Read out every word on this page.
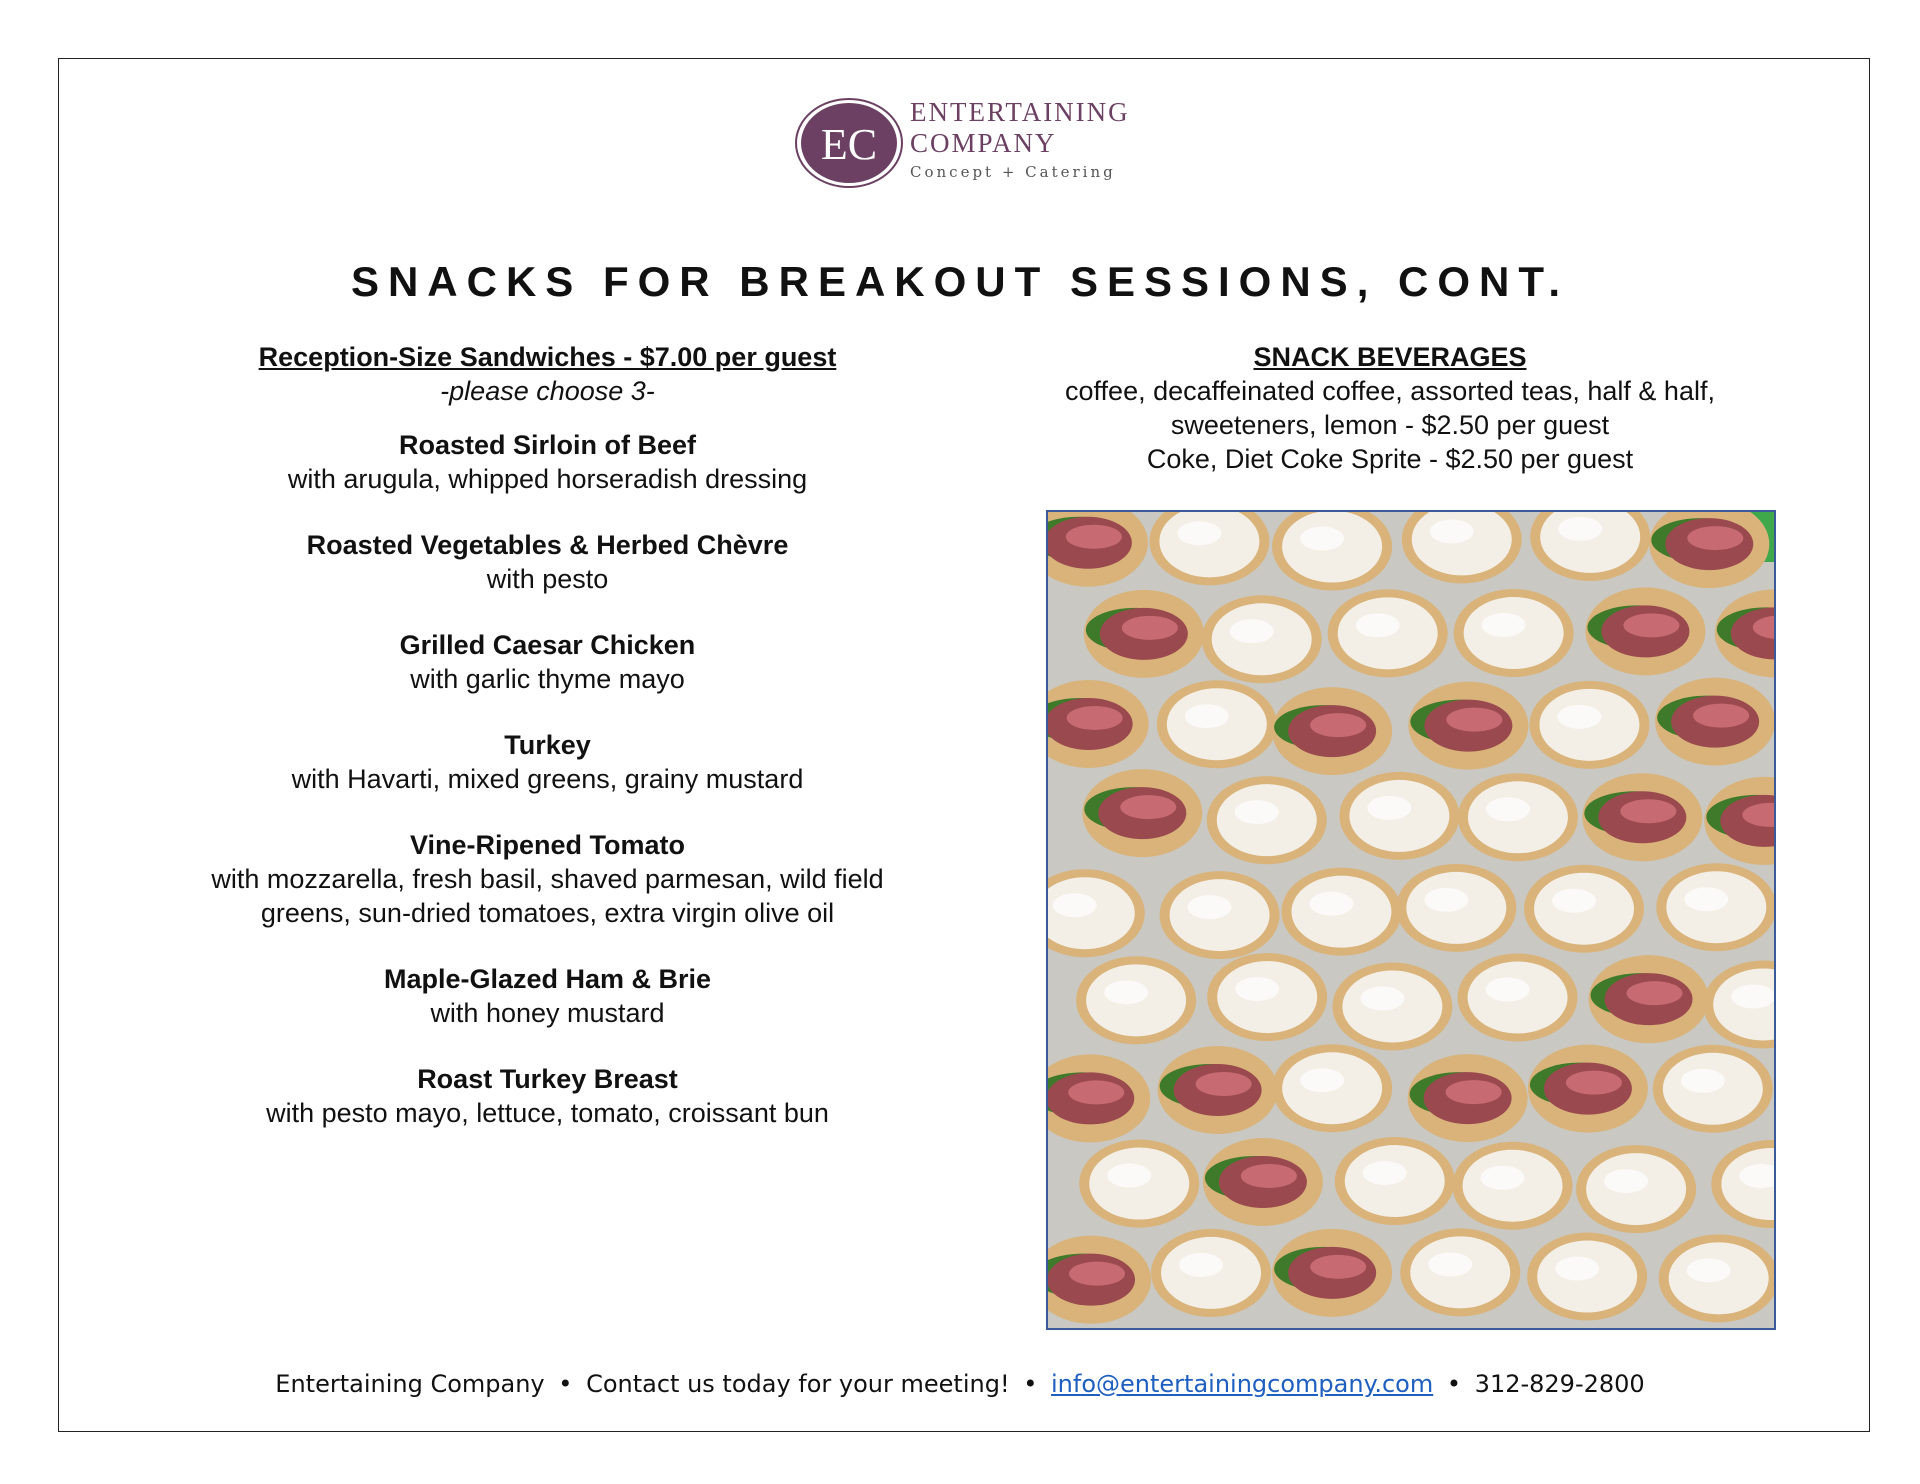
EC
ENTERTAINING
COMPANY
Concept + Catering
SNACKS FOR BREAKOUT SESSIONS, CONT.
Reception-Size Sandwiches - $7.00 per guest
-please choose 3-
Roasted Sirloin of Beef
with arugula, whipped horseradish dressing
Roasted Vegetables & Herbed Chèvre
with pesto
Grilled Caesar Chicken
with garlic thyme mayo
Turkey
with Havarti, mixed greens, grainy mustard
Vine-Ripened Tomato
with mozzarella, fresh basil, shaved parmesan, wild field
greens, sun-dried tomatoes, extra virgin olive oil
Maple-Glazed Ham & Brie
with honey mustard
Roast Turkey Breast
with pesto mayo, lettuce, tomato, croissant bun
SNACK BEVERAGES
coffee, decaffeinated coffee, assorted teas, half & half,
sweeteners, lemon - $2.50 per guest
Coke, Diet Coke Sprite - $2.50 per guest
Entertaining Company • Contact us today for your meeting! • info@entertainingcompany.com • 312-829-2800
